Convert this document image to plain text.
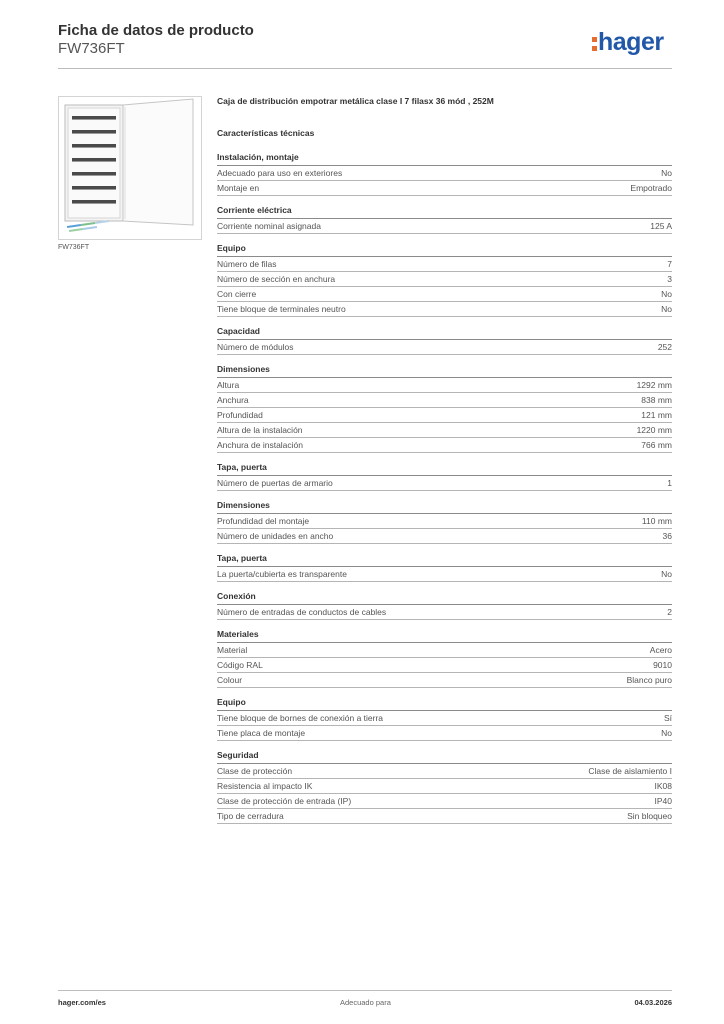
Ficha de datos de producto
FW736FT	hager
FW736FT
Caja de distribución empotrar metálica clase I 7 filasx 36 mód , 252M
Características técnicas
Instalación, montaje
Adecuado para uso en exteriores	No
Montaje en	Empotrado
Corriente eléctrica
Corriente nominal asignada	125 A
Equipo
Número de filas	7
Número de sección en anchura	3
Con cierre	No
Tiene bloque de terminales neutro	No
Capacidad
Número de módulos	252
Dimensiones
Altura	1292 mm
Anchura	838 mm
Profundidad	121 mm
Altura de la instalación	1220 mm
Anchura de instalación	766 mm
Tapa, puerta
Número de puertas de armario	1
Dimensiones
Profundidad del montaje	110 mm
Número de unidades en ancho	36
Tapa, puerta
La puerta/cubierta es transparente	No
Conexión
Número de entradas de conductos de cables	2
Materiales
Material	Acero
Código RAL	9010
Colour	Blanco puro
Equipo
Tiene bloque de bornes de conexión a tierra	Sí
Tiene placa de montaje	No
Seguridad
Clase de protección	Clase de aislamiento I
Resistencia al impacto IK	IK08
Clase de protección de entrada (IP)	IP40
Tipo de cerradura	Sin bloqueo
hager.com/es	Adecuado para	04.03.2026
